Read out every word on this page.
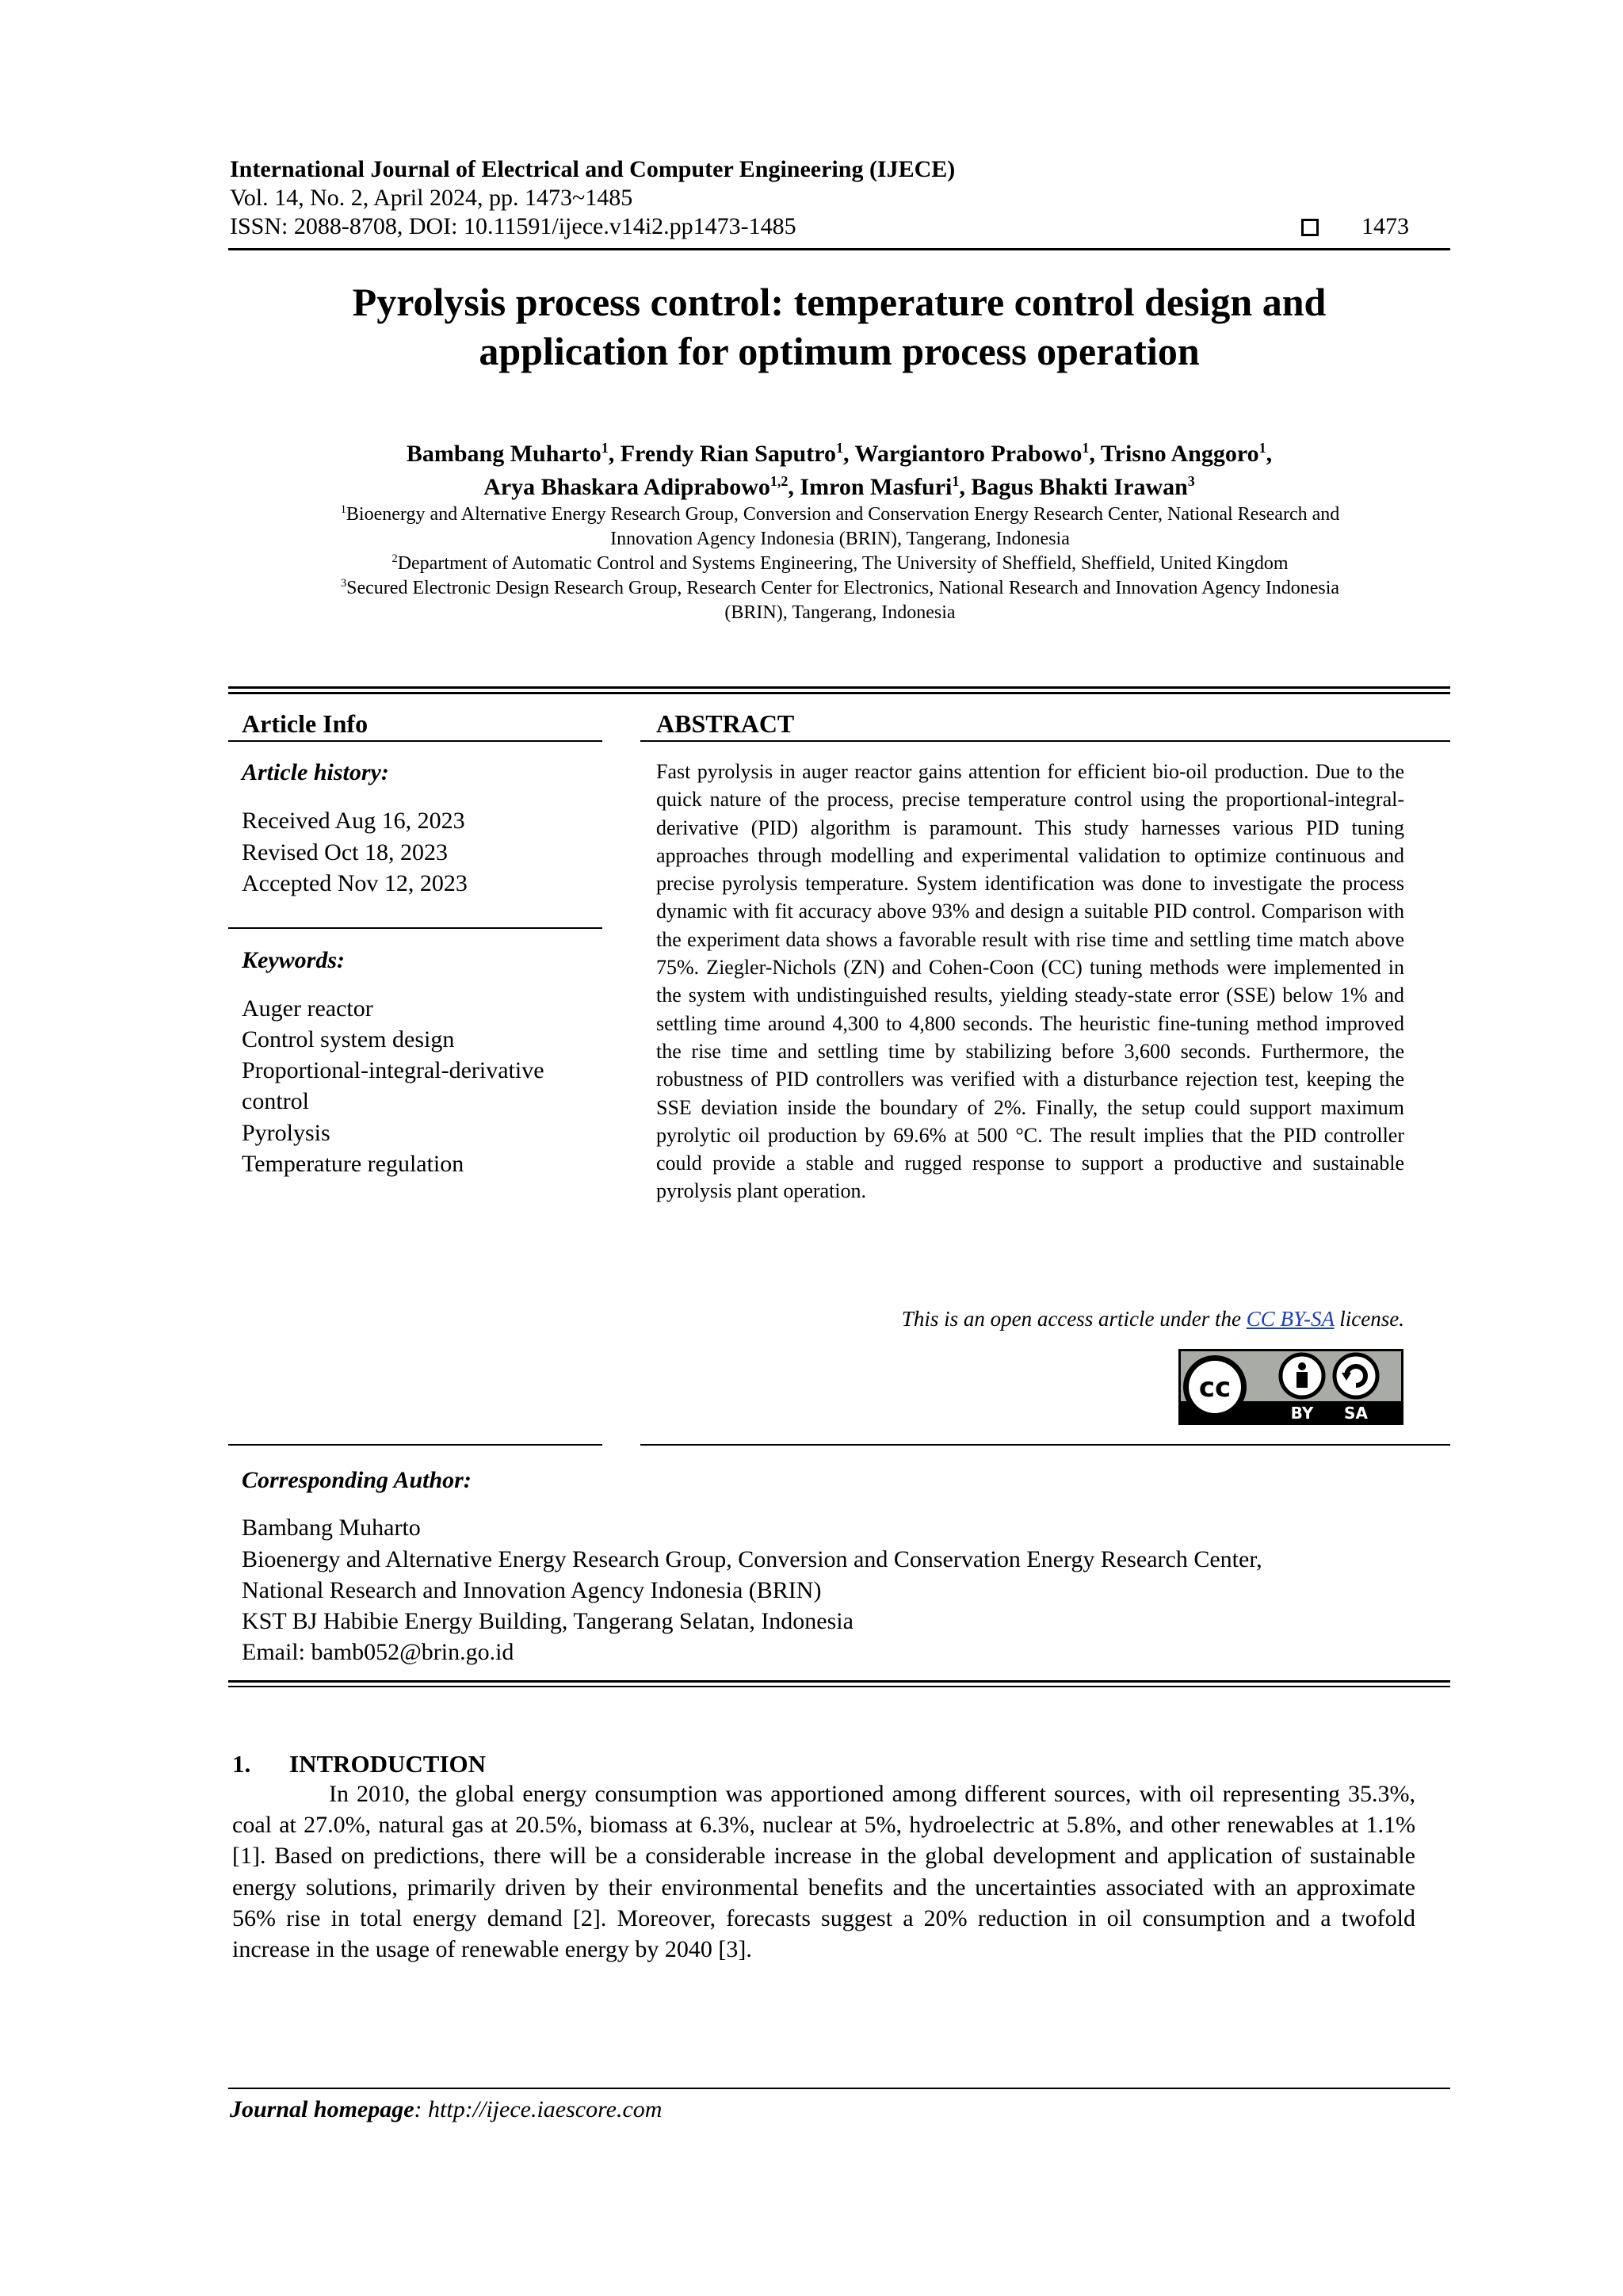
International Journal of Electrical and Computer Engineering (IJECE)
Vol. 14, No. 2, April 2024, pp. 1473~1485
ISSN: 2088-8708, DOI: 10.11591/ijece.v14i2.pp1473-1485	1473
Pyrolysis process control: temperature control design and
application for optimum process operation
Bambang Muharto$^1$, Frendy Rian Saputro$^1$, Wargiantoro Prabowo$^1$, Trisno Anggoro$^1$,
Arya Bhaskara Adiprabowo$^{1,2}$, Imron Masfuri$^1$, Bagus Bhakti Irawan$^3$
$^1$Bioenergy and Alternative Energy Research Group, Conversion and Conservation Energy Research Center, National Research and
Innovation Agency Indonesia (BRIN), Tangerang, Indonesia
$^2$Department of Automatic Control and Systems Engineering, The University of Sheffield, Sheffield, United Kingdom
$^3$Secured Electronic Design Research Group, Research Center for Electronics, National Research and Innovation Agency Indonesia
(BRIN), Tangerang, Indonesia
Article Info
Article history:
Received Aug 16, 2023
Revised Oct 18, 2023
Accepted Nov 12, 2023
Keywords:
Auger reactor
Control system design
Proportional-integral-derivative
control
Pyrolysis
Temperature regulation
ABSTRACT
Fast pyrolysis in auger reactor gains attention for efficient bio-oil production. Due to the quick nature of the process, precise temperature control using the proportional-integral-derivative (PID) algorithm is paramount. This study harnesses various PID tuning approaches through modelling and experimental validation to optimize continuous and precise pyrolysis temperature. System identification was done to investigate the process dynamic with fit accuracy above 93% and design a suitable PID control. Comparison with the experiment data shows a favorable result with rise time and settling time match above 75%. Ziegler-Nichols (ZN) and Cohen-Coon (CC) tuning methods were implemented in the system with undistinguished results, yielding steady-state error (SSE) below 1% and settling time around 4,300 to 4,800 seconds. The heuristic fine-tuning method improved the rise time and settling time by stabilizing before 3,600 seconds. Furthermore, the robustness of PID controllers was verified with a disturbance rejection test, keeping the SSE deviation inside the boundary of 2%. Finally, the setup could support maximum pyrolytic oil production by 69.6% at 500 °C. The result implies that the PID controller could provide a stable and rugged response to support a productive and sustainable pyrolysis plant operation.
This is an open access article under the CC BY-SA license.
cc
BY SA
Corresponding Author:
Bambang Muharto
Bioenergy and Alternative Energy Research Group, Conversion and Conservation Energy Research Center,
National Research and Innovation Agency Indonesia (BRIN)
KST BJ Habibie Energy Building, Tangerang Selatan, Indonesia
Email: bamb052@brin.go.id
1. INTRODUCTION
In 2010, the global energy consumption was apportioned among different sources, with oil representing 35.3%, coal at 27.0%, natural gas at 20.5%, biomass at 6.3%, nuclear at 5%, hydroelectric at 5.8%, and other renewables at 1.1% [1]. Based on predictions, there will be a considerable increase in the global development and application of sustainable energy solutions, primarily driven by their environmental benefits and the uncertainties associated with an approximate 56% rise in total energy demand [2]. Moreover, forecasts suggest a 20% reduction in oil consumption and a twofold increase in the usage of renewable energy by 2040 [3].
Journal homepage: http://ijece.iaescore.com
